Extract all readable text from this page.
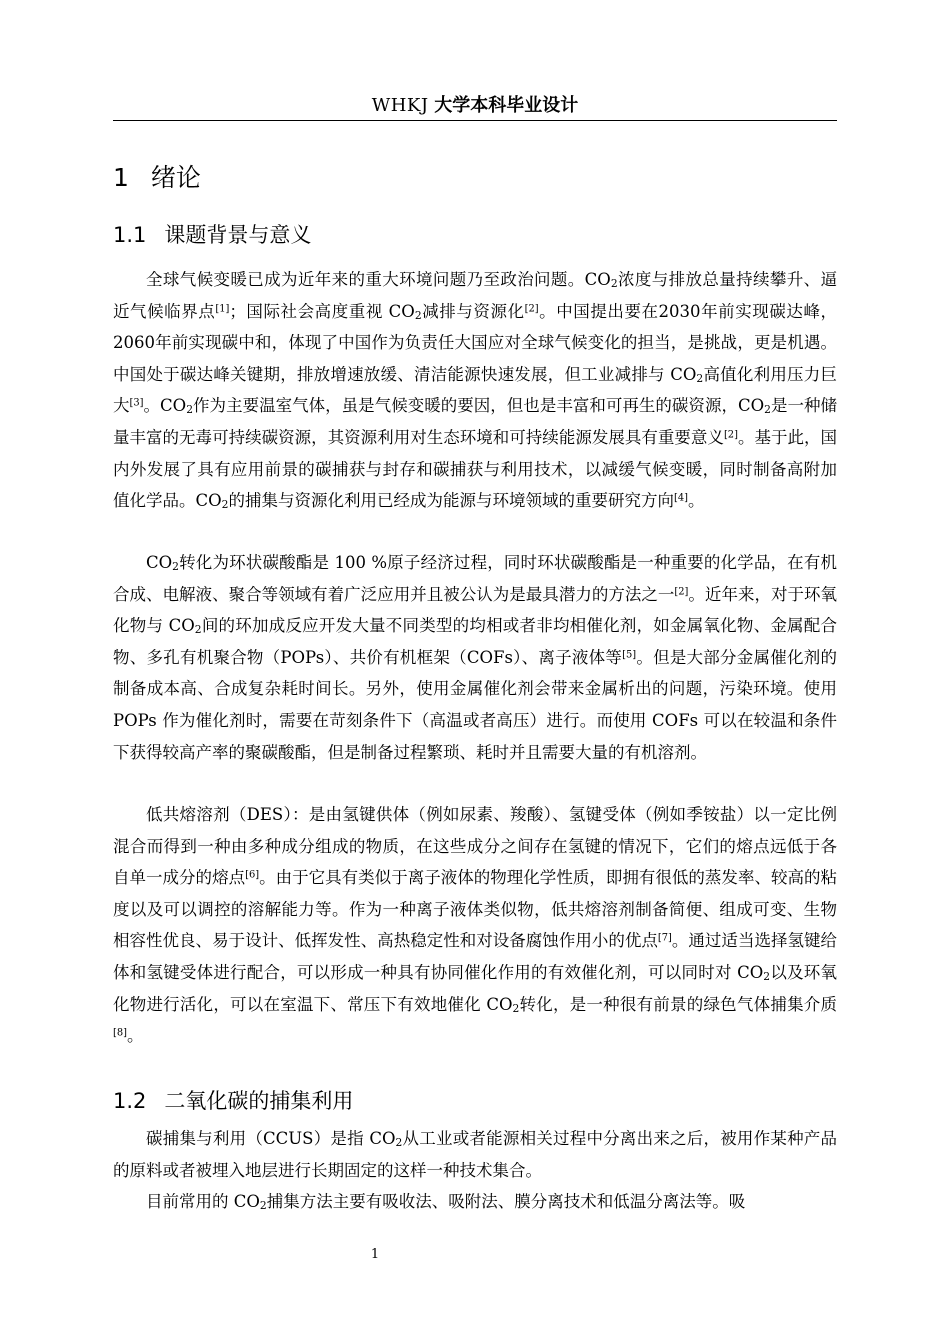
WHKJ 大学本科毕业设计
1 绪论
1.1 课题背景与意义
全球气候变暖已成为近年来的重大环境问题乃至政治问题。$CO_2$浓度与排放总量持续攀升、逼近气候临界点[1]；国际社会高度重视 $CO_2$减排与资源化[2]。中国提出要在2030年前实现碳达峰，2060年前实现碳中和，体现了中国作为负责任大国应对全球气候变化的担当，是挑战，更是机遇。中国处于碳达峰关键期，排放增速放缓、清洁能源快速发展，但工业减排与 $CO_2$高值化利用压力巨大[3]。$CO_2$作为主要温室气体，虽是气候变暖的要因，但也是丰富和可再生的碳资源，$CO_2$是一种储量丰富的无毒可持续碳资源，其资源利用对生态环境和可持续能源发展具有重要意义[2]。基于此，国内外发展了具有应用前景的碳捕获与封存和碳捕获与利用技术，以减缓气候变暖，同时制备高附加值化学品。$CO_2$的捕集与资源化利用已经成为能源与环境领域的重要研究方向[4]。
$CO_2$转化为环状碳酸酯是 100 %原子经济过程，同时环状碳酸酯是一种重要的化学品，在有机合成、电解液、聚合等领域有着广泛应用并且被公认为是最具潜力的方法之一[2]。近年来，对于环氧化物与 $CO_2$间的环加成反应开发大量不同类型的均相或者非均相催化剂，如金属氧化物、金属配合物、多孔有机聚合物（POPs）、共价有机框架（COFs）、离子液体等[5]。但是大部分金属催化剂的制备成本高、合成复杂耗时间长。另外，使用金属催化剂会带来金属析出的问题，污染环境。使用 POPs 作为催化剂时，需要在苛刻条件下（高温或者高压）进行。而使用 COFs 可以在较温和条件下获得较高产率的聚碳酸酯，但是制备过程繁琐、耗时并且需要大量的有机溶剂。
低共熔溶剂（DES）：是由氢键供体（例如尿素、羧酸）、氢键受体（例如季铵盐）以一定比例混合而得到一种由多种成分组成的物质，在这些成分之间存在氢键的情况下，它们的熔点远低于各自单一成分的熔点[6]。由于它具有类似于离子液体的物理化学性质，即拥有很低的蒸发率、较高的粘度以及可以调控的溶解能力等。作为一种离子液体类似物，低共熔溶剂制备简便、组成可变、生物相容性优良、易于设计、低挥发性、高热稳定性和对设备腐蚀作用小的优点[7]。通过适当选择氢键给体和氢键受体进行配合，可以形成一种具有协同催化作用的有效催化剂，可以同时对 $CO_2$以及环氧化物进行活化，可以在室温下、常压下有效地催化 $CO_2$转化，是一种很有前景的绿色气体捕集介质[8]。
1.2 二氧化碳的捕集利用
碳捕集与利用（CCUS）是指 $CO_2$从工业或者能源相关过程中分离出来之后，被用作某种产品的原料或者被埋入地层进行长期固定的这样一种技术集合。
目前常用的 $CO_2$捕集方法主要有吸收法、吸附法、膜分离技术和低温分离法等。吸
1
